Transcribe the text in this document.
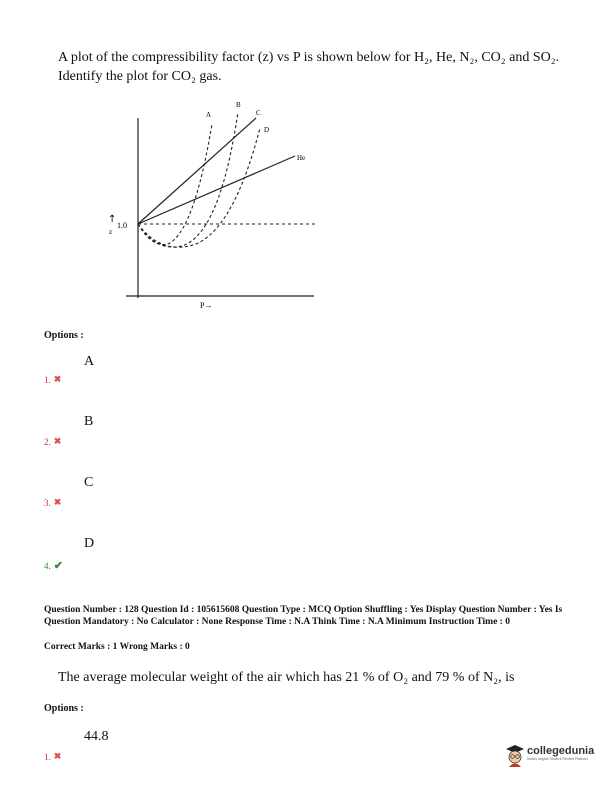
A plot of the compressibility factor (z) vs P is shown below for H₂, He, N₂, CO₂ and SO₂. Identify the plot for CO₂ gas.
A
B
C
D
He
1.0
↑
z
P→
Options :
A
1. ✖
B
2. ✖
C
3. ✖
D
4. ✔
Question Number : 128 Question Id : 105615608 Question Type : MCQ Option Shuffling : Yes Display Question Number : Yes Is Question Mandatory : No Calculator : None Response Time : N.A Think Time : N.A Minimum Instruction Time : 0
Correct Marks : 1 Wrong Marks : 0
The average molecular weight of the air which has 21 % of O₂ and 79 % of N₂, is
Options :
44.8
1. ✖	collegedunia
India's largest Student Review Platform
